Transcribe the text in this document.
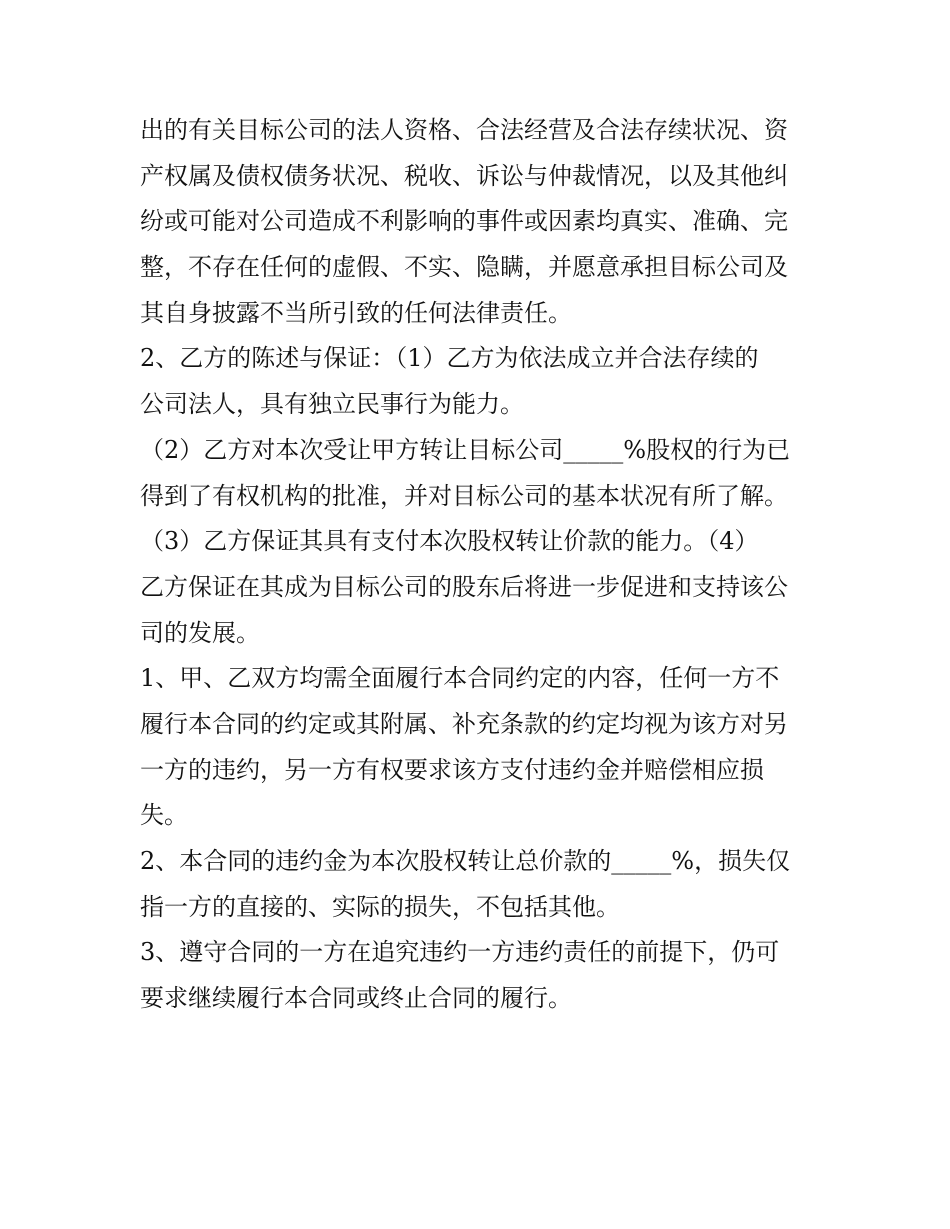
出的有关目标公司的法人资格、合法经营及合法存续状况、资
产权属及债权债务状况、税收、诉讼与仲裁情况，以及其他纠
纷或可能对公司造成不利影响的事件或因素均真实、准确、完
整，不存在任何的虚假、不实、隐瞒，并愿意承担目标公司及
其自身披露不当所引致的任何法律责任。
2、乙方的陈述与保证：（1）乙方为依法成立并合法存续的
公司法人，具有独立民事行为能力。
（2）乙方对本次受让甲方转让目标公司_____%股权的行为已
得到了有权机构的批准，并对目标公司的基本状况有所了解。
（3）乙方保证其具有支付本次股权转让价款的能力。（4）
乙方保证在其成为目标公司的股东后将进一步促进和支持该公
司的发展。
1、甲、乙双方均需全面履行本合同约定的内容，任何一方不
履行本合同的约定或其附属、补充条款的约定均视为该方对另
一方的违约，另一方有权要求该方支付违约金并赔偿相应损
失。
2、本合同的违约金为本次股权转让总价款的_____%，损失仅
指一方的直接的、实际的损失，不包括其他。
3、遵守合同的一方在追究违约一方违约责任的前提下，仍可
要求继续履行本合同或终止合同的履行。
